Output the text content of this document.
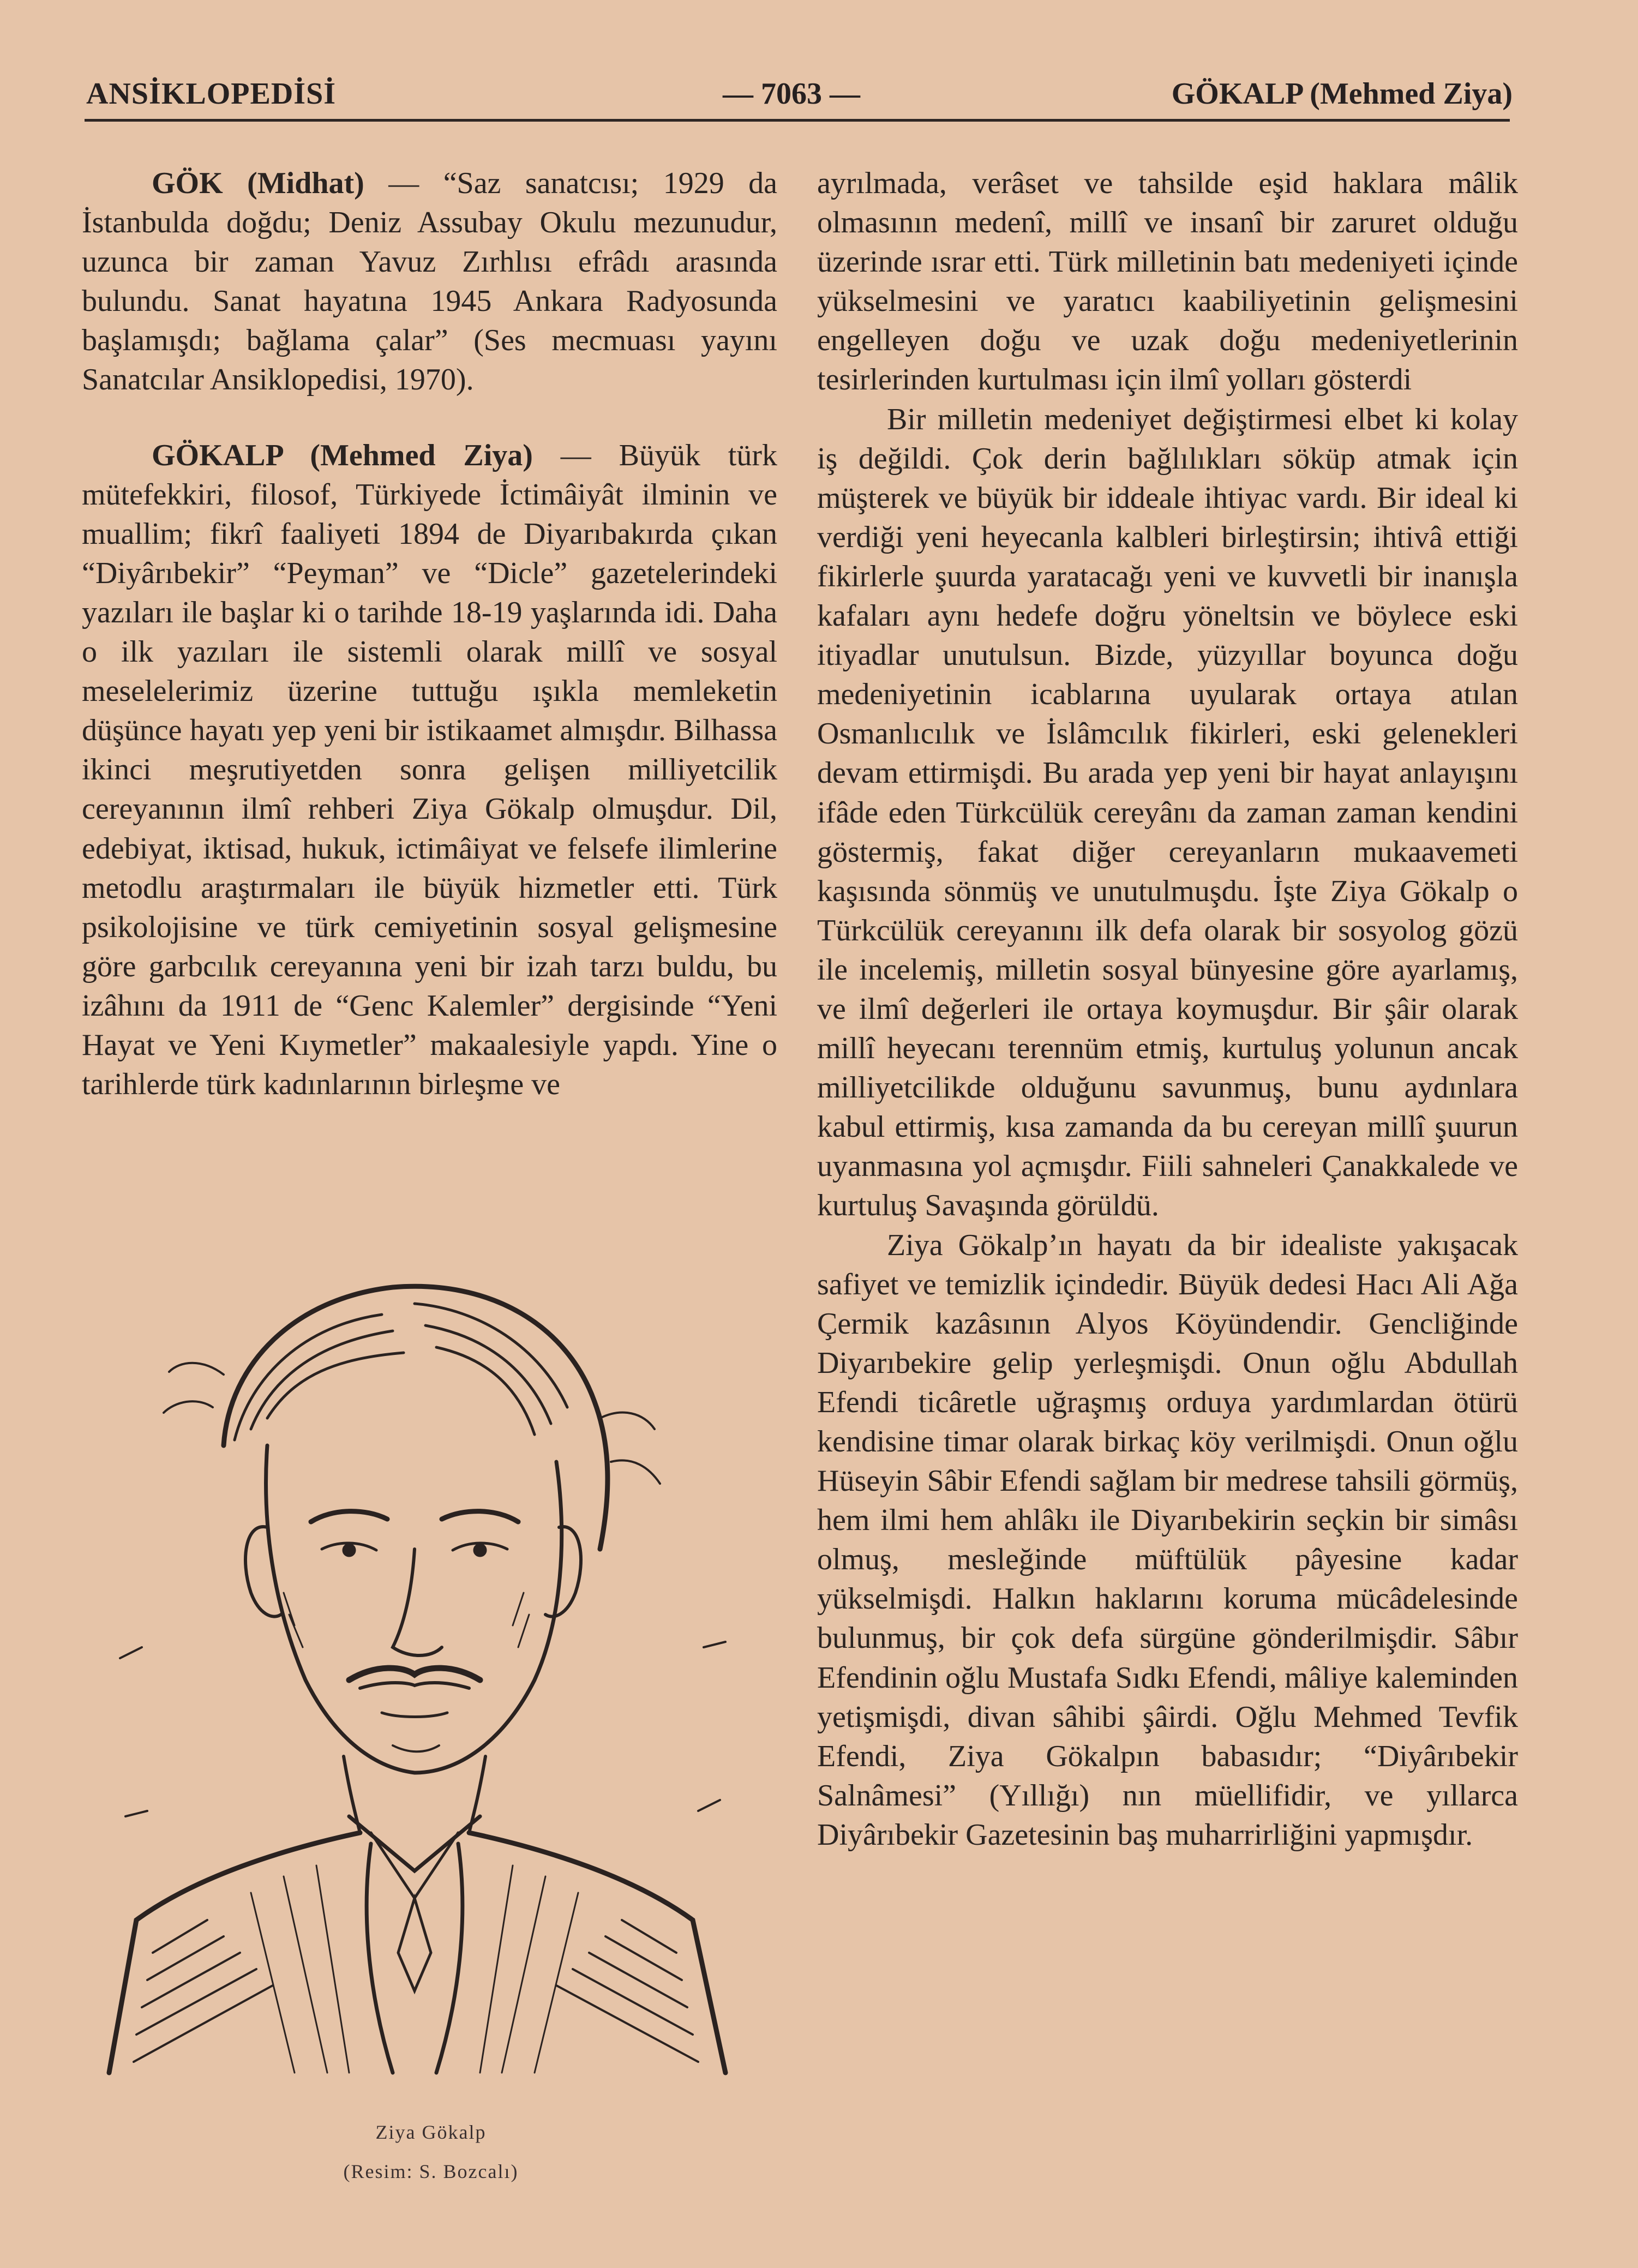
ANSİKLOPEDİSİ	— 7063 —	GÖKALP (Mehmed Ziya)

GÖK (Midhat) — “Saz sanatcısı; 1929 da İstanbulda doğdu; Deniz Assubay Okulu mezunudur, uzunca bir zaman Yavuz Zırhlısı efrâdı arasında bulundu. Sanat hayatına 1945 Ankara Radyosunda başlamışdı; bağlama çalar” (Ses mecmuası yayını Sanatcılar Ansiklopedisi, 1970).

GÖKALP (Mehmed Ziya) — Büyük türk mütefekkiri, filosof, Türkiyede İctimâiyât ilminin ve muallim; fikrî faaliyeti 1894 de Diyarıbakırda çıkan “Diyârıbekir” “Peyman” ve “Dicle” gazetelerindeki yazıları ile başlar ki o tarihde 18-19 yaşlarında idi. Daha o ilk yazıları ile sistemli olarak millî ve sosyal meselelerimiz üzerine tuttuğu ışıkla memleketin düşünce hayatı yep yeni bir istikaamet almışdır. Bilhassa ikinci meşrutiyetden sonra gelişen milliyetcilik cereyanının ilmî rehberi Ziya Gökalp olmuşdur. Dil, edebiyat, iktisad, hukuk, ictimâiyat ve felsefe ilimlerine metodlu araştırmaları ile büyük hizmetler etti. Türk psikolojisine ve türk cemiyetinin sosyal gelişmesine göre garbcılık cereyanına yeni bir izah tarzı buldu, bu izâhını da 1911 de “Genc Kalemler” dergisinde “Yeni Hayat ve Yeni Kıymetler” makaalesiyle yapdı. Yine o tarihlerde türk kadınlarının birleşme ve

Ziya Gökalp
(Resim: S. Bozcalı)

ayrılmada, verâset ve tahsilde eşid haklara mâlik olmasının medenî, millî ve insanî bir zaruret olduğu üzerinde ısrar etti. Türk milletinin batı medeniyeti içinde yükselmesini ve yaratıcı kaabiliyetinin gelişmesini engelleyen doğu ve uzak doğu medeniyetlerinin tesirlerinden kurtulması için ilmî yolları gösterdi

Bir milletin medeniyet değiştirmesi elbet ki kolay iş değildi. Çok derin bağlılıkları söküp atmak için müşterek ve büyük bir iddeale ihtiyac vardı. Bir ideal ki verdiği yeni heyecanla kalbleri birleştirsin; ihtivâ ettiği fikirlerle şuurda yaratacağı yeni ve kuvvetli bir inanışla kafaları aynı hedefe doğru yöneltsin ve böylece eski itiyadlar unutulsun. Bizde, yüzyıllar boyunca doğu medeniyetinin icablarına uyularak ortaya atılan Osmanlıcılık ve İslâmcılık fikirleri, eski gelenekleri devam ettirmişdi. Bu arada yep yeni bir hayat anlayışını ifâde eden Türkcülük cereyânı da zaman zaman kendini göstermiş, fakat diğer cereyanların mukaavemeti kaşısında sönmüş ve unutulmuşdu. İşte Ziya Gökalp o Türkcülük cereyanını ilk defa olarak bir sosyolog gözü ile incelemiş, milletin sosyal bünyesine göre ayarlamış, ve ilmî değerleri ile ortaya koymuşdur. Bir şâir olarak millî heyecanı terennüm etmiş, kurtuluş yolunun ancak milliyetcilikde olduğunu savunmuş, bunu aydınlara kabul ettirmiş, kısa zamanda da bu cereyan millî şuurun uyanmasına yol açmışdır. Fiili sahneleri Çanakkalede ve kurtuluş Savaşında görüldü.

Ziya Gökalp’ın hayatı da bir idealiste yakışacak safiyet ve temizlik içindedir. Büyük dedesi Hacı Ali Ağa Çermik kazâsının Alyos Köyündendir. Gencliğinde Diyarıbekire gelip yerleşmişdi. Onun oğlu Abdullah Efendi ticâretle uğraşmış orduya yardımlardan ötürü kendisine timar olarak birkaç köy verilmişdi. Onun oğlu Hüseyin Sâbir Efendi sağlam bir medrese tahsili görmüş, hem ilmi hem ahlâkı ile Diyarıbekirin seçkin bir simâsı olmuş, mesleğinde müftülük pâyesine kadar yükselmişdi. Halkın haklarını koruma mücâdelesinde bulunmuş, bir çok defa sürgüne gönderilmişdir. Sâbır Efendinin oğlu Mustafa Sıdkı Efendi, mâliye kaleminden yetişmişdi, divan sâhibi şâirdi. Oğlu Mehmed Tevfik Efendi, Ziya Gökalpın babasıdır; “Diyârıbekir Salnâmesi” (Yıllığı) nın müellifidir, ve yıllarca Diyârıbekir Gazetesinin baş muharrirliğini yapmışdır.
